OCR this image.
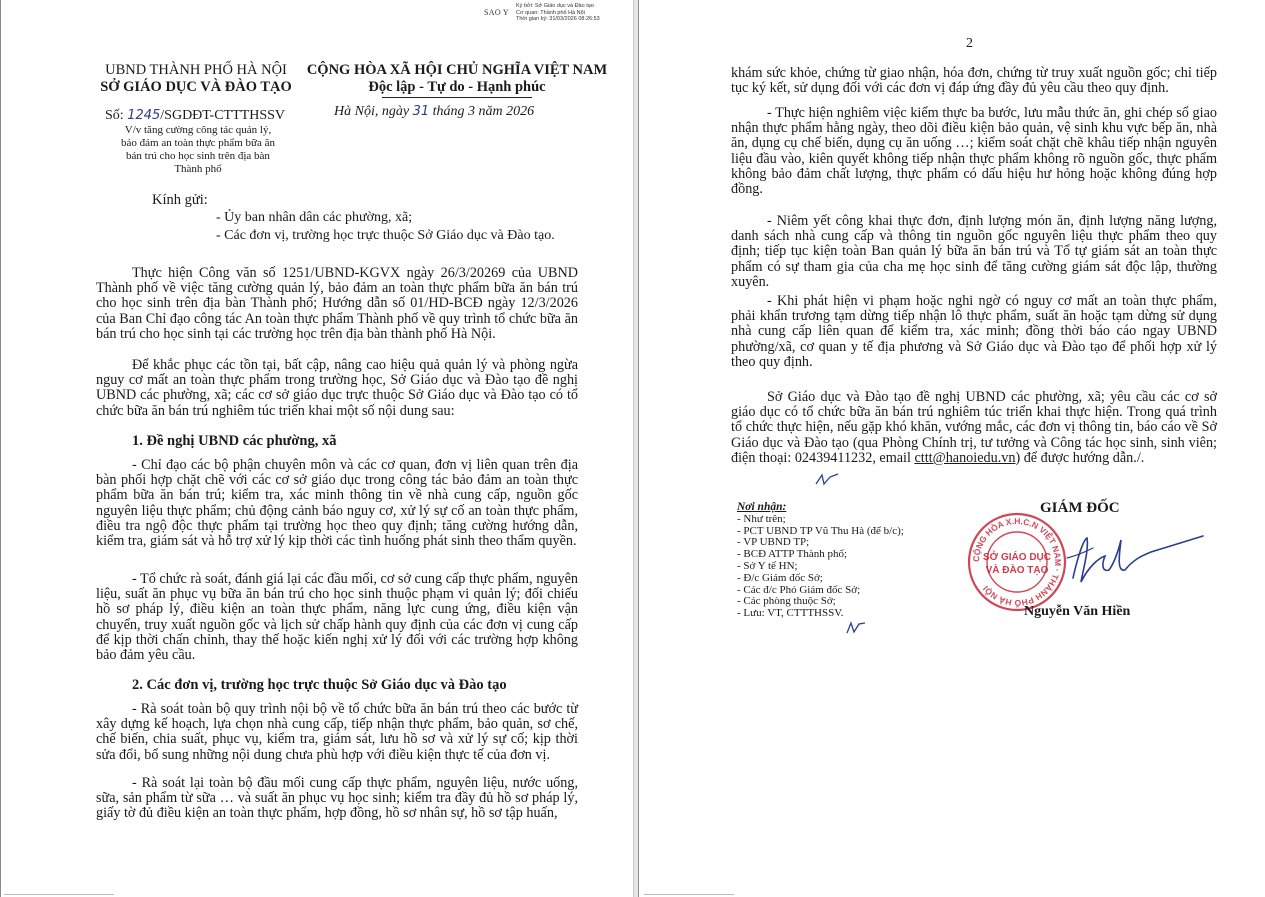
SAO Y
Ký bởi: Sở Giáo dục và Đào tạo
Cơ quan: Thành phố Hà Nội
Thời gian ký: 31/03/2026 08:26:53
UBND THÀNH PHỐ HÀ NỘI
SỞ GIÁO DỤC VÀ ĐÀO TẠO
CỘNG HÒA XÃ HỘI CHỦ NGHĨA VIỆT NAM
Độc lập - Tự do - Hạnh phúc
Số: 1245/SGDĐT-CTTTHSSV
V/v tăng cường công tác quản lý,
bảo đảm an toàn thực phẩm bữa ăn
bán trú cho học sinh trên địa bàn
Thành phố
Hà Nội, ngày 31 tháng 3 năm 2026
Kính gửi:
- Ủy ban nhân dân các phường, xã;
- Các đơn vị, trường học trực thuộc Sở Giáo dục và Đào tạo.
Thực hiện Công văn số 1251/UBND-KGVX ngày 26/3/20269 của UBND Thành phố về việc tăng cường quản lý, bảo đảm an toàn thực phẩm bữa ăn bán trú cho học sinh trên địa bàn Thành phố; Hướng dẫn số 01/HD-BCĐ ngày 12/3/2026 của Ban Chỉ đạo công tác An toàn thực phẩm Thành phố về quy trình tổ chức bữa ăn bán trú cho học sinh tại các trường học trên địa bàn thành phố Hà Nội.
Để khắc phục các tồn tại, bất cập, nâng cao hiệu quả quản lý và phòng ngừa nguy cơ mất an toàn thực phẩm trong trường học, Sở Giáo dục và Đào tạo đề nghị UBND các phường, xã; các cơ sở giáo dục trực thuộc Sở Giáo dục và Đào tạo có tổ chức bữa ăn bán trú nghiêm túc triển khai một số nội dung sau:
1. Đề nghị UBND các phường, xã
- Chỉ đạo các bộ phận chuyên môn và các cơ quan, đơn vị liên quan trên địa bàn phối hợp chặt chẽ với các cơ sở giáo dục trong công tác bảo đảm an toàn thực phẩm bữa ăn bán trú; kiểm tra, xác minh thông tin về nhà cung cấp, nguồn gốc nguyên liệu thực phẩm; chủ động cảnh báo nguy cơ, xử lý sự cố an toàn thực phẩm, điều tra ngộ độc thực phẩm tại trường học theo quy định; tăng cường hướng dẫn, kiểm tra, giám sát và hỗ trợ xử lý kịp thời các tình huống phát sinh theo thẩm quyền.
- Tổ chức rà soát, đánh giá lại các đầu mối, cơ sở cung cấp thực phẩm, nguyên liệu, suất ăn phục vụ bữa ăn bán trú cho học sinh thuộc phạm vi quản lý; đối chiếu hồ sơ pháp lý, điều kiện an toàn thực phẩm, năng lực cung ứng, điều kiện vận chuyển, truy xuất nguồn gốc và lịch sử chấp hành quy định của các đơn vị cung cấp để kịp thời chấn chỉnh, thay thế hoặc kiến nghị xử lý đối với các trường hợp không bảo đảm yêu cầu.
2. Các đơn vị, trường học trực thuộc Sở Giáo dục và Đào tạo
- Rà soát toàn bộ quy trình nội bộ về tổ chức bữa ăn bán trú theo các bước từ xây dựng kế hoạch, lựa chọn nhà cung cấp, tiếp nhận thực phẩm, bảo quản, sơ chế, chế biến, chia suất, phục vụ, kiểm tra, giám sát, lưu hồ sơ và xử lý sự cố; kịp thời sửa đổi, bổ sung những nội dung chưa phù hợp với điều kiện thực tế của đơn vị.
- Rà soát lại toàn bộ đầu mối cung cấp thực phẩm, nguyên liệu, nước uống, sữa, sản phẩm từ sữa … và suất ăn phục vụ học sinh; kiểm tra đầy đủ hồ sơ pháp lý, giấy tờ đủ điều kiện an toàn thực phẩm, hợp đồng, hồ sơ nhân sự, hồ sơ tập huấn,
2
khám sức khỏe, chứng từ giao nhận, hóa đơn, chứng từ truy xuất nguồn gốc; chỉ tiếp tục ký kết, sử dụng đối với các đơn vị đáp ứng đầy đủ yêu cầu theo quy định.
- Thực hiện nghiêm việc kiểm thực ba bước, lưu mẫu thức ăn, ghi chép sổ giao nhận thực phẩm hằng ngày, theo dõi điều kiện bảo quản, vệ sinh khu vực bếp ăn, nhà ăn, dụng cụ chế biến, dụng cụ ăn uống …; kiểm soát chặt chẽ khâu tiếp nhận nguyên liệu đầu vào, kiên quyết không tiếp nhận thực phẩm không rõ nguồn gốc, thực phẩm không bảo đảm chất lượng, thực phẩm có dấu hiệu hư hỏng hoặc không đúng hợp đồng.
- Niêm yết công khai thực đơn, định lượng món ăn, định lượng năng lượng, danh sách nhà cung cấp và thông tin nguồn gốc nguyên liệu thực phẩm theo quy định; tiếp tục kiện toàn Ban quản lý bữa ăn bán trú và Tổ tự giám sát an toàn thực phẩm có sự tham gia của cha mẹ học sinh để tăng cường giám sát độc lập, thường xuyên.
- Khi phát hiện vi phạm hoặc nghi ngờ có nguy cơ mất an toàn thực phẩm, phải khẩn trương tạm dừng tiếp nhận lô thực phẩm, suất ăn hoặc tạm dừng sử dụng nhà cung cấp liên quan để kiểm tra, xác minh; đồng thời báo cáo ngay UBND phường/xã, cơ quan y tế địa phương và Sở Giáo dục và Đào tạo để phối hợp xử lý theo quy định.
Sở Giáo dục và Đào tạo đề nghị UBND các phường, xã; yêu cầu các cơ sở giáo dục có tổ chức bữa ăn bán trú nghiêm túc triển khai thực hiện. Trong quá trình tổ chức thực hiện, nếu gặp khó khăn, vướng mắc, các đơn vị thông tin, báo cáo về Sở Giáo dục và Đào tạo (qua Phòng Chính trị, tư tưởng và Công tác học sinh, sinh viên; điện thoại: 02439411232, email cttt@hanoiedu.vn) để được hướng dẫn./.
Nơi nhận:
- Như trên;
- PCT UBND TP Vũ Thu Hà (để b/c);
- VP UBND TP;
- BCĐ ATTP Thành phố;
- Sở Y tế HN;
- Đ/c Giám đốc Sở;
- Các đ/c Phó Giám đốc Sở;
- Các phòng thuộc Sở;
- Lưu: VT, CTTTHSSV.
GIÁM ĐỐC
CỘNG HÒA X.H.C.N VIỆT NAM · THÀNH PHỐ HÀ NỘI
SỞ GIÁO DỤC
VÀ ĐÀO TẠO
Nguyễn Văn Hiền
